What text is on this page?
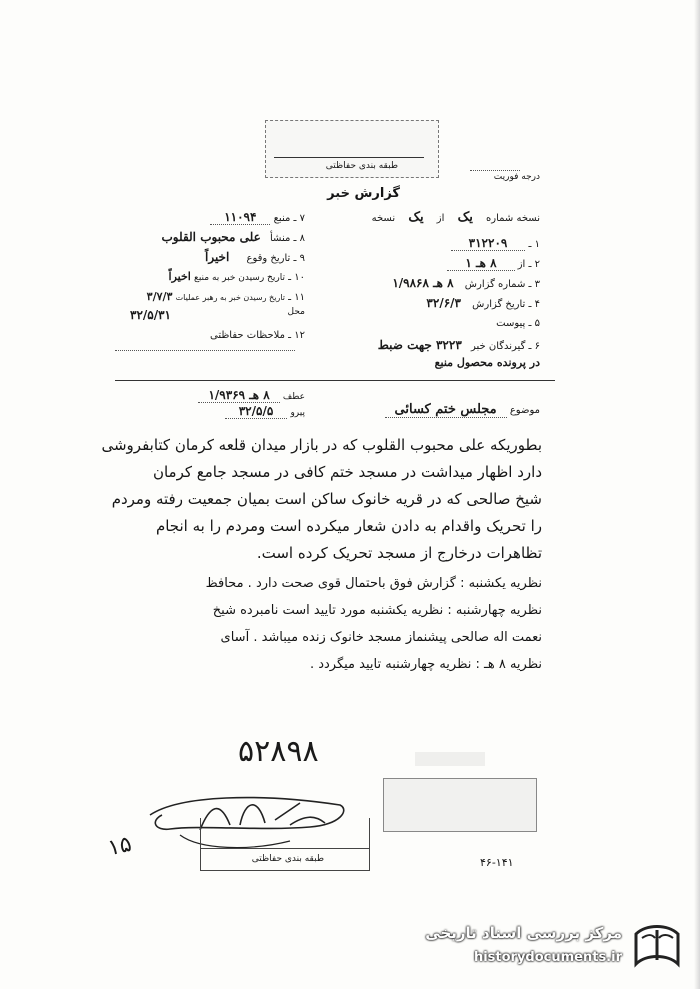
طبقه بندی حفاظتی
درجه فوریت
گزارش خبر
نسخه شماره یک از یک نسخه
۱ ـ ۳۱۲۲۰۹
۲ ـ از ۸ هـ ۱
۳ ـ شماره گزارش ۸ هـ ۱/۹۸۶۸
۴ ـ تاریخ گزارش ۳۲/۶/۳
۵ ـ پیوست
۶ ـ گیرندگان خبر ۳۲۲۳ جهت ضبط
در پرونده محصول منبع
۷ ـ منبع ۱۱۰۹۴
۸ ـ منشأ علی محبوب القلوب
۹ ـ تاریخ وقوع اخیراً
۱۰ ـ تاریخ رسیدن خبر به منبع اخیراً
۱۱ ـ تاریخ رسیدن خبر به رهبر عملیات ۳/۷/۳
محل
۳۲/۵/۳۱
۱۲ ـ ملاحظات حفاظتی
موضوع مجلس ختم کسائی
عطف ۸ هـ ۱/۹۳۶۹
پیرو ۳۲/۵/۵
بطوریکه علی محبوب القلوب که در بازار میدان قلعه کرمان کتابفروشی
دارد اظهار میداشت در مسجد ختم کافی در مسجد جامع کرمان
شیخ صالحی که در قریه خانوک ساکن است بمیان جمعیت رفته ومردم
را تحریک واقدام به دادن شعار میکرده است ومردم را به انجام
تظاهرات درخارج از مسجد تحریک کرده است.
نظریه یکشنبه : گزارش فوق باحتمال قوی صحت دارد . محافظ
نظریه چهارشنبه : نظریه یکشنبه مورد تایید است نامبرده شیخ
نعمت اله صالحی پیشنماز مسجد خانوک زنده میباشد . آسای
نظریه ۸ هـ : نظریه چهارشنبه تایید میگردد .
۵۲۸۹۸
طبقه بندی حفاظتی
۱۵
۴۶-۱۴۱
مرکز بررسی اسناد تاریخی
historydocuments.ir
